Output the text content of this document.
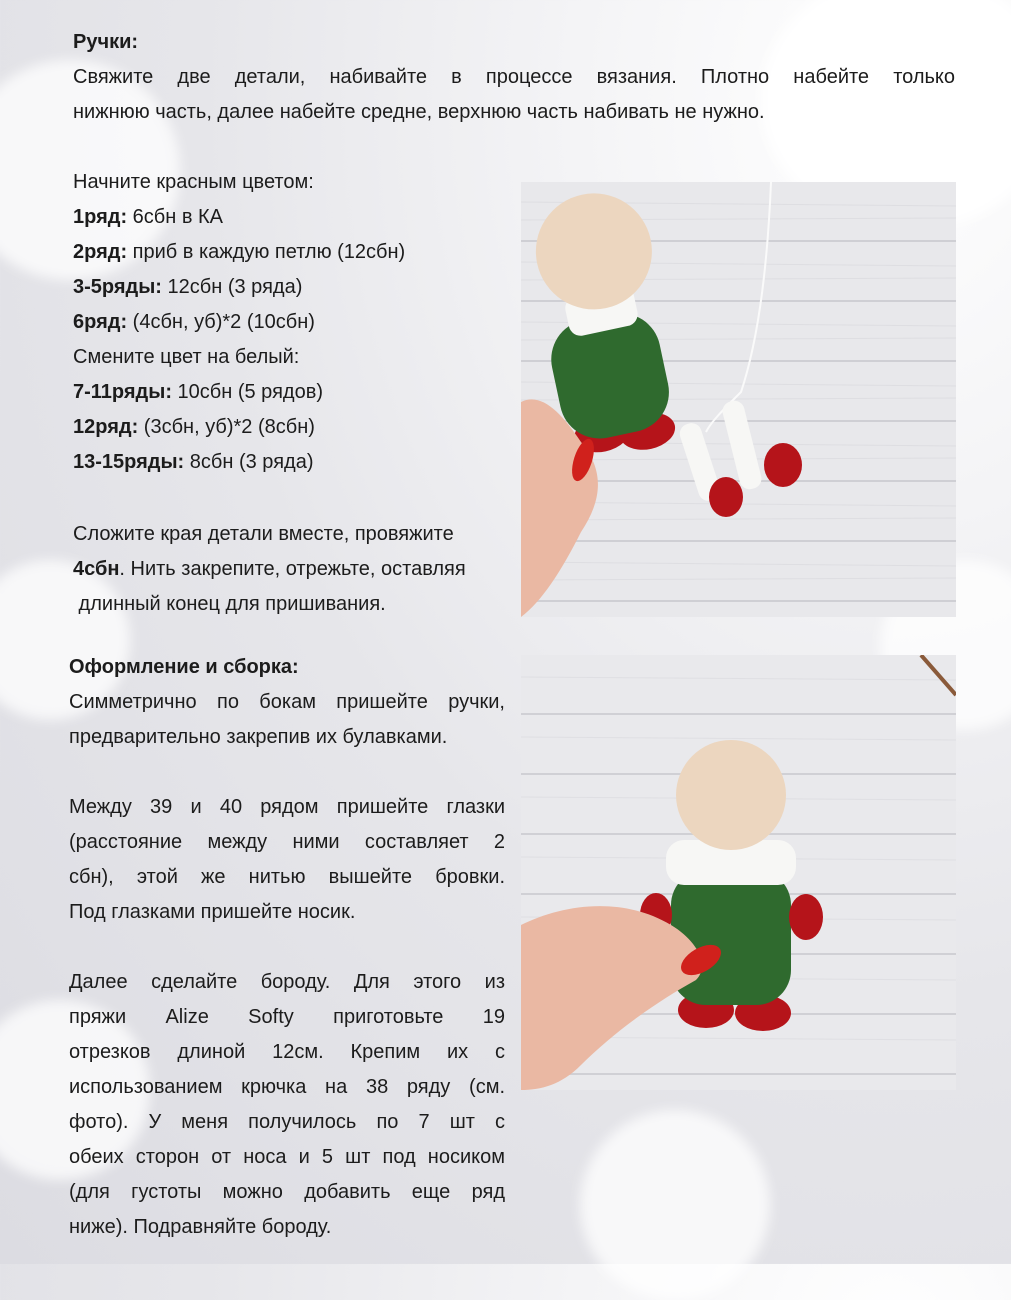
Ручки:

Свяжите две детали, набивайте в процессе вязания. Плотно набейте только

нижнюю часть, далее набейте средне, верхнюю часть набивать не нужно.

Начните красным цветом:

1ряд: 6сбн в КА

2ряд: приб в каждую петлю (12сбн)

3-5ряды: 12сбн (3 ряда)

6ряд: (4сбн, уб)*2 (10сбн)

Смените цвет на белый:

7-11ряды: 10сбн (5 рядов)

12ряд: (3сбн, уб)*2 (8сбн)

13-15ряды: 8сбн (3 ряда)

Сложите края детали вместе, провяжите

4сбн. Нить закрепите, отрежьте, оставляя

длинный конец для пришивания.

Оформление и сборка:

Симметрично по бокам пришейте ручки,

предварительно закрепив их булавками.

Между 39 и 40 рядом пришейте глазки

(расстояние между ними составляет 2

сбн), этой же нитью вышейте бровки.

Под глазками пришейте носик.

Далее сделайте бороду. Для этого из

пряжи Alize Softy приготовьте 19

отрезков длиной 12см. Крепим их с

использованием крючка на 38 ряду (см.

фото). У меня получилось по 7 шт с

обеих сторон от носа и 5 шт под носиком

(для густоты можно добавить еще ряд

ниже). Подравняйте бороду.
